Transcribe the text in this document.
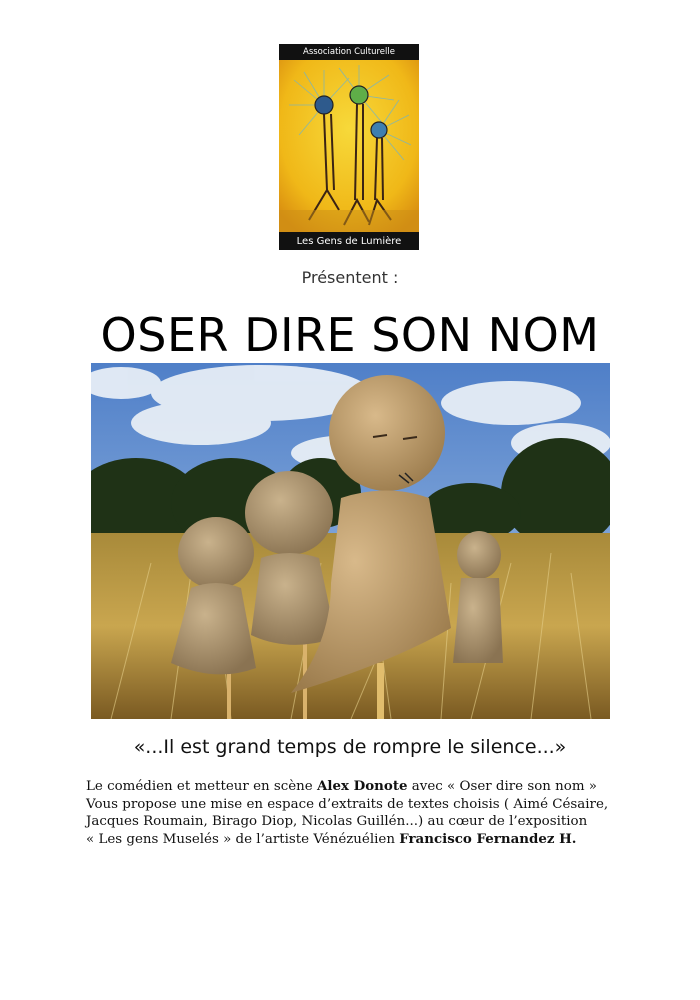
Association Culturelle
Les Gens de Lumière
Présentent :
OSER DIRE SON NOM
«...Il est grand temps de rompre le silence...»
Le comédien et metteur en scène Alex Donote avec « Oser dire son nom »
Vous propose une mise en espace d’extraits de textes choisis ( Aimé Césaire,
Jacques Roumain, Birago Diop, Nicolas Guillén...) au cœur de l’exposition
« Les gens Muselés » de l’artiste Vénézuélien Francisco Fernandez H.
